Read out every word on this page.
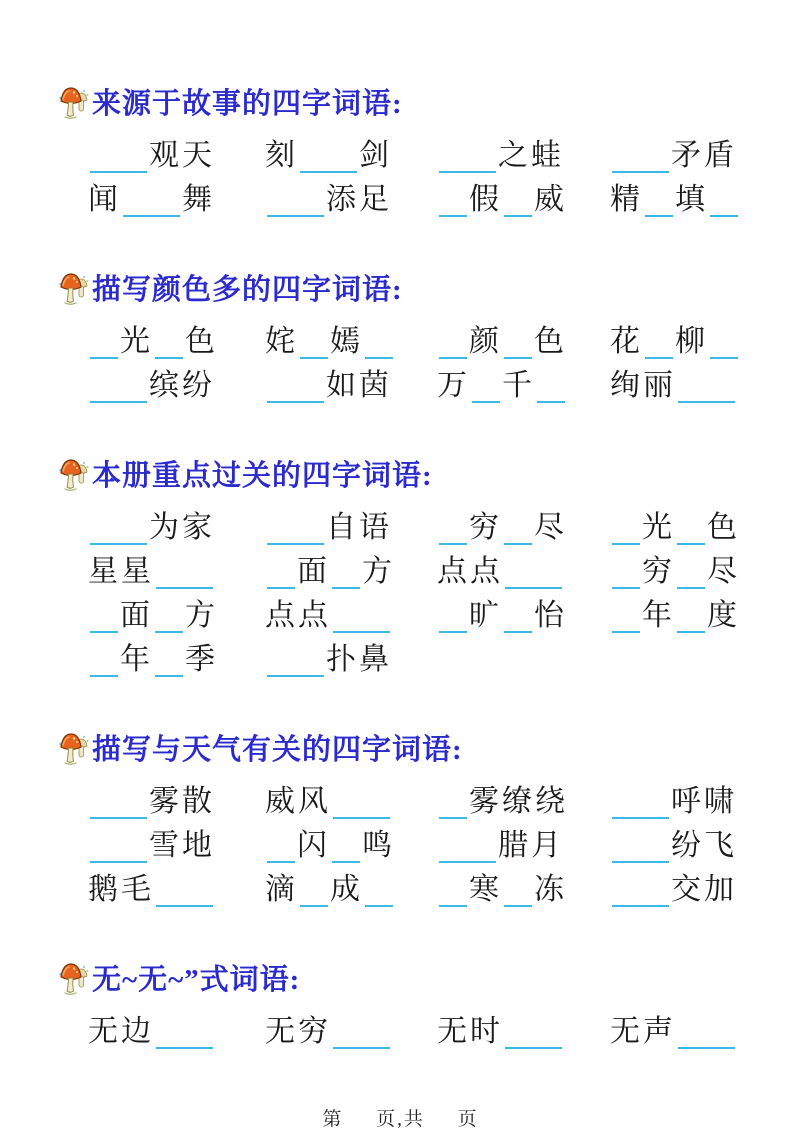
来源于故事的四字词语:
观天	刻 剑	之蛙	矛盾
闻 舞	添足	假 威	精 填
描写颜色多的四字词语:
光 色	姹 嫣	颜 色	花 柳
缤纷	如茵	万 千	绚丽
本册重点过关的四字词语:
为家	自语	穷 尽	光 色
星星	面 方	点点	穷 尽
面 方	点点	旷 怡	年 度
年 季	扑鼻
描写与天气有关的四字词语:
雾散	威风	雾缭绕	呼啸
雪地	闪 鸣	腊月	纷飞
鹅毛	滴 成	寒 冻	交加
无~无~”式词语:
无边	无穷	无时	无声
第 页,共 页
